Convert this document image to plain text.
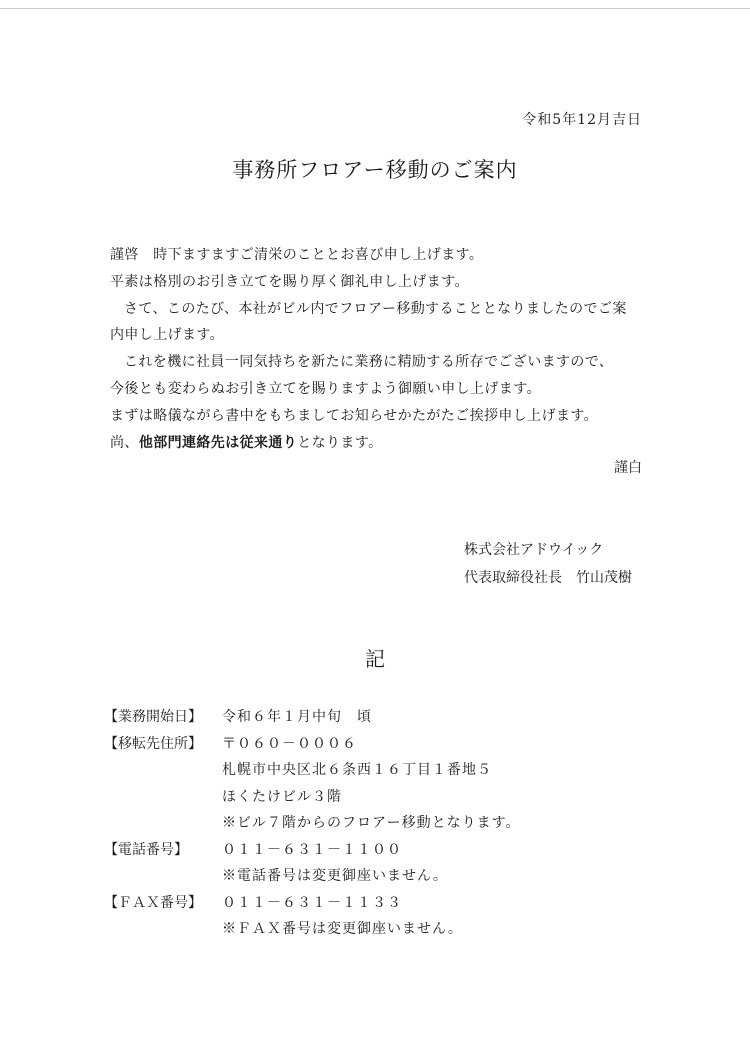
令和5年12月吉日
事務所フロアー移動のご案内

謹啓　時下ますますご清栄のこととお喜び申し上げます。

平素は格別のお引き立てを賜り厚く御礼申し上げます。

さて、このたび、本社がビル内でフロアー移動することとなりましたのでご案

内申し上げます。

これを機に社員一同気持ちを新たに業務に精励する所存でございますので、

今後とも変わらぬお引き立てを賜りますよう御願い申し上げます。

まずは略儀ながら書中をもちましてお知らせかたがたご挨拶申し上げます。

尚、他部門連絡先は従来通りとなります。

謹白

株式会社アドウイック

代表取締役社長　竹山茂樹

記
【業務開始日】	令和６年１月中旬　頃
【移転先住所】	〒０６０－０００６
札幌市中央区北６条西１６丁目１番地５
ほくたけビル３階
※ビル７階からのフロアー移動となります。
【電話番号】	０１１－６３１－１１００
※電話番号は変更御座いません。
【ＦＡＸ番号】	０１１－６３１－１１３３
※ＦＡＸ番号は変更御座いません。
